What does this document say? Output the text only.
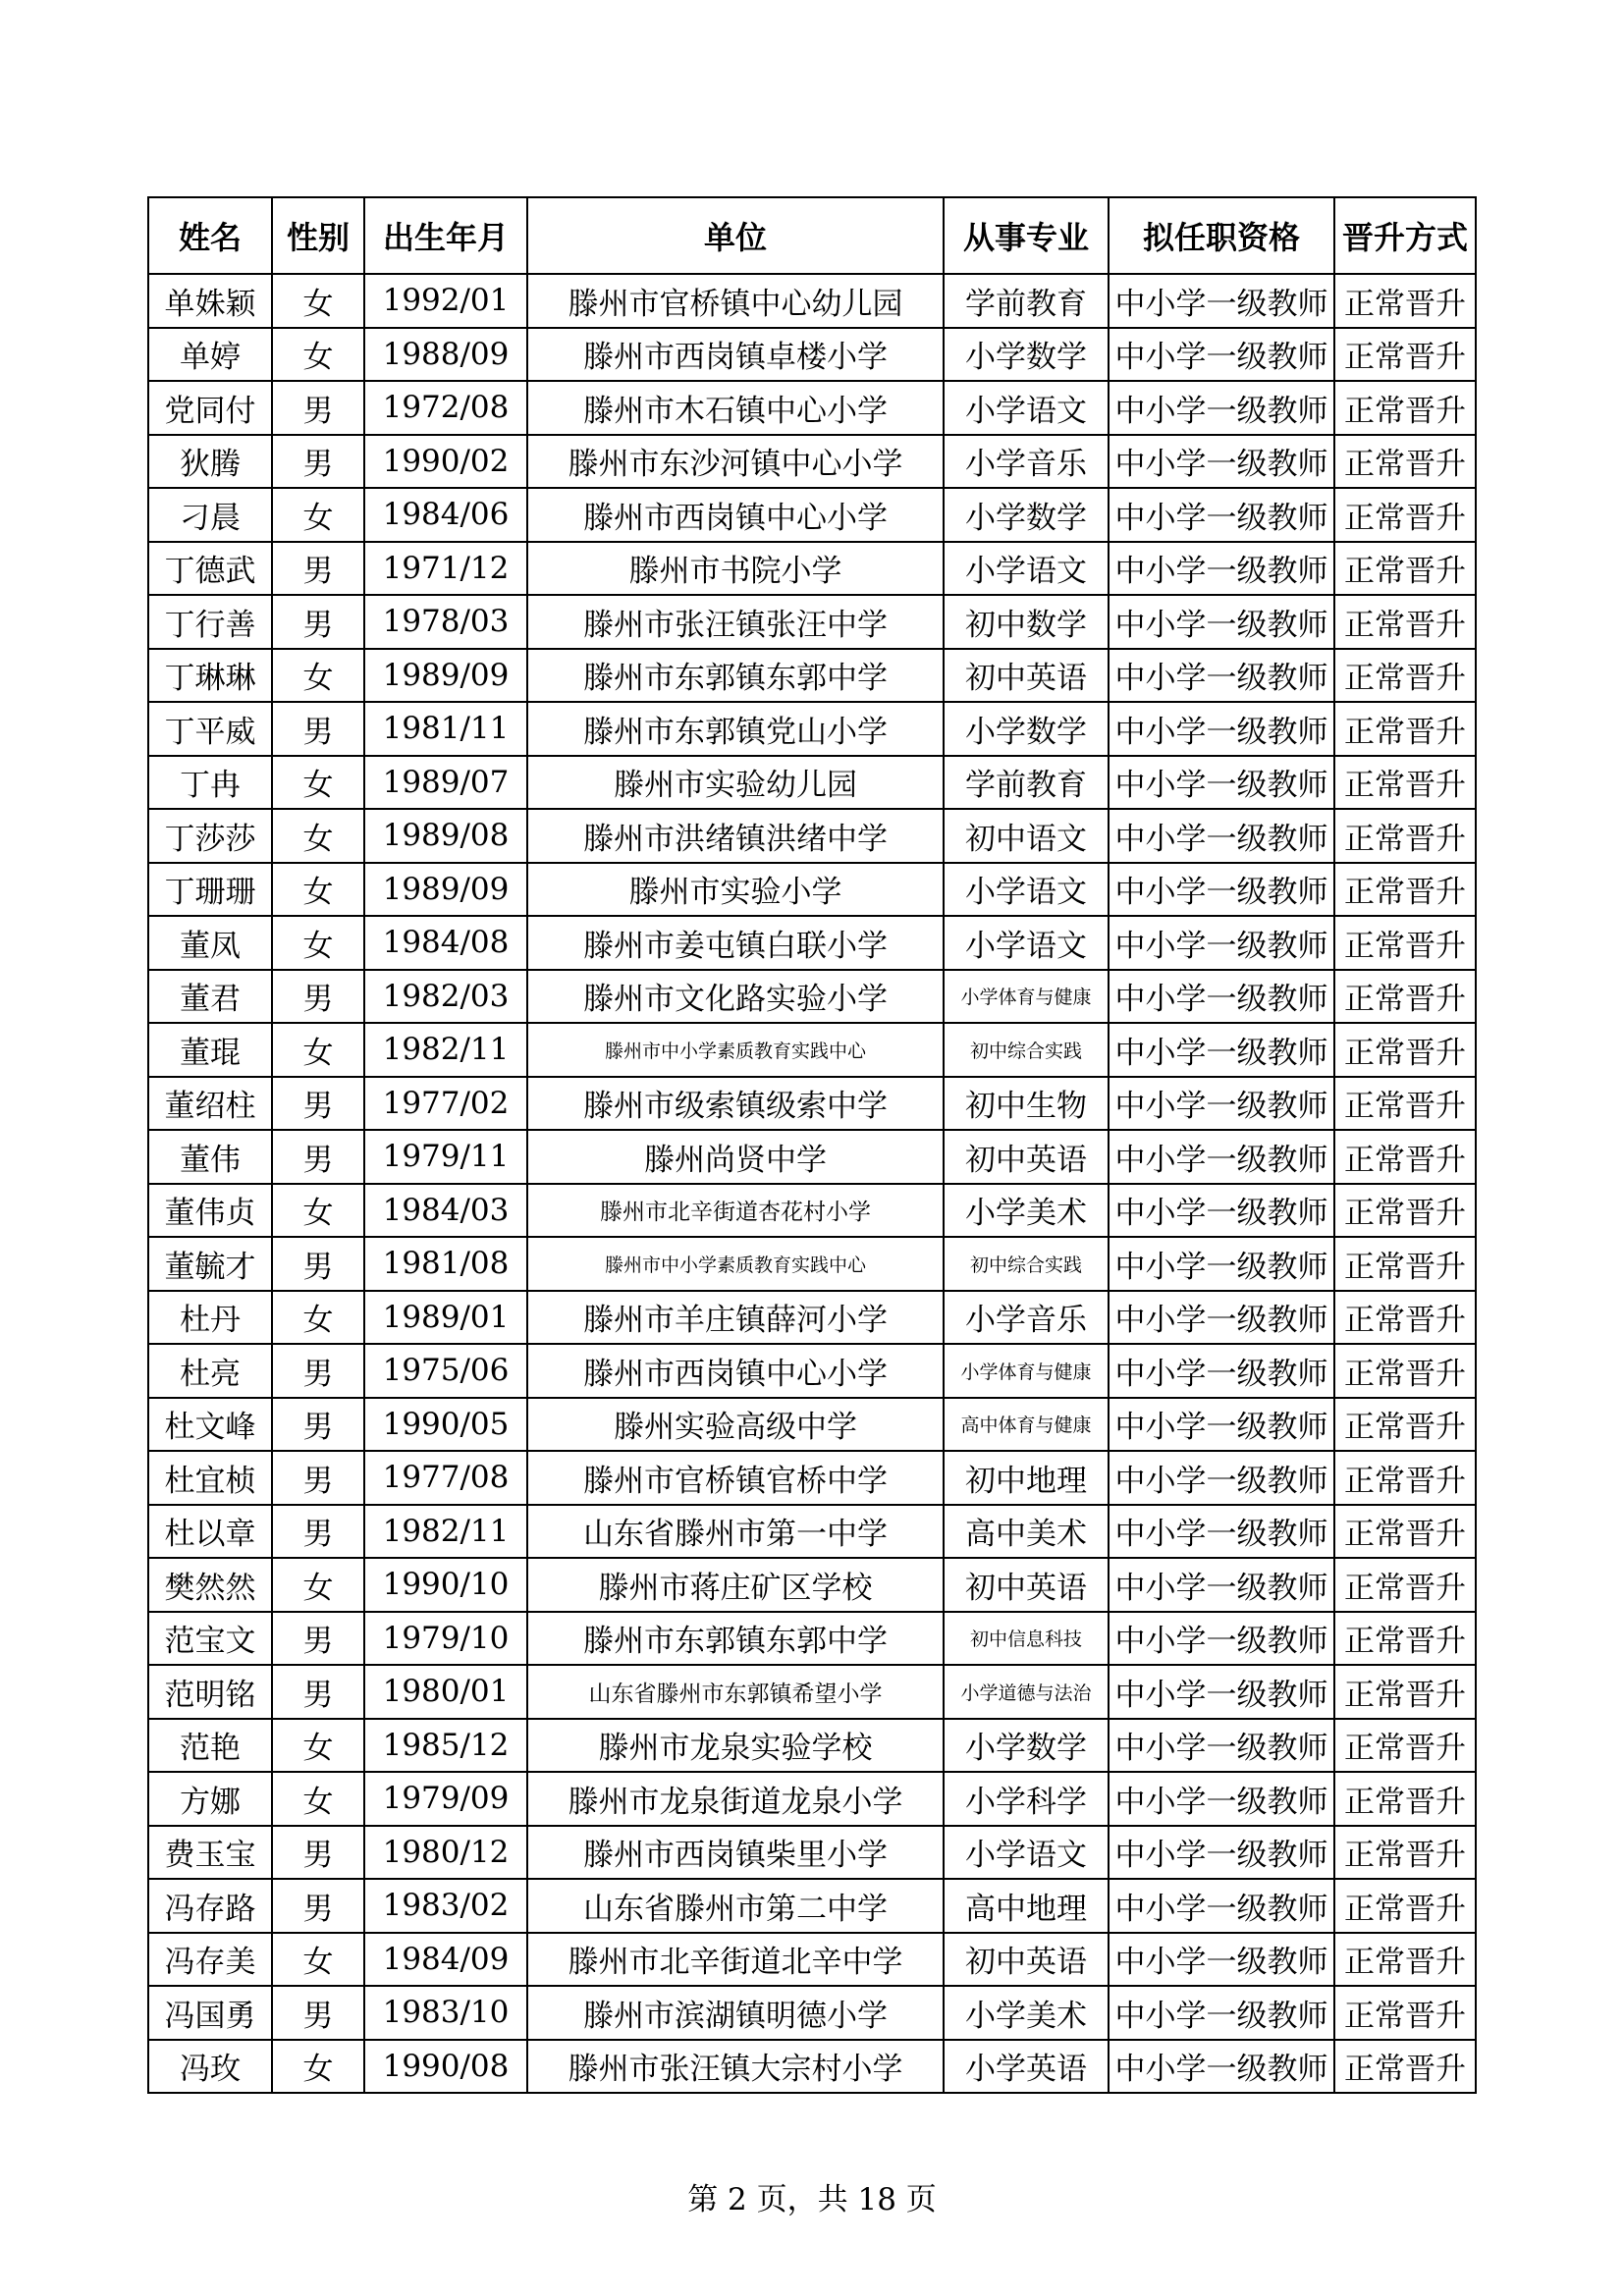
姓名	性别	出生年月	单位	从事专业	拟任职资格	晋升方式
单姝颖	女	1992/01	滕州市官桥镇中心幼儿园	学前教育	中小学一级教师	正常晋升
单婷	女	1988/09	滕州市西岗镇卓楼小学	小学数学	中小学一级教师	正常晋升
党同付	男	1972/08	滕州市木石镇中心小学	小学语文	中小学一级教师	正常晋升
狄腾	男	1990/02	滕州市东沙河镇中心小学	小学音乐	中小学一级教师	正常晋升
刁晨	女	1984/06	滕州市西岗镇中心小学	小学数学	中小学一级教师	正常晋升
丁德武	男	1971/12	滕州市书院小学	小学语文	中小学一级教师	正常晋升
丁行善	男	1978/03	滕州市张汪镇张汪中学	初中数学	中小学一级教师	正常晋升
丁琳琳	女	1989/09	滕州市东郭镇东郭中学	初中英语	中小学一级教师	正常晋升
丁平威	男	1981/11	滕州市东郭镇党山小学	小学数学	中小学一级教师	正常晋升
丁冉	女	1989/07	滕州市实验幼儿园	学前教育	中小学一级教师	正常晋升
丁莎莎	女	1989/08	滕州市洪绪镇洪绪中学	初中语文	中小学一级教师	正常晋升
丁珊珊	女	1989/09	滕州市实验小学	小学语文	中小学一级教师	正常晋升
董凤	女	1984/08	滕州市姜屯镇白联小学	小学语文	中小学一级教师	正常晋升
董君	男	1982/03	滕州市文化路实验小学	小学体育与健康	中小学一级教师	正常晋升
董琨	女	1982/11	滕州市中小学素质教育实践中心	初中综合实践	中小学一级教师	正常晋升
董绍柱	男	1977/02	滕州市级索镇级索中学	初中生物	中小学一级教师	正常晋升
董伟	男	1979/11	滕州尚贤中学	初中英语	中小学一级教师	正常晋升
董伟贞	女	1984/03	滕州市北辛街道杏花村小学	小学美术	中小学一级教师	正常晋升
董毓才	男	1981/08	滕州市中小学素质教育实践中心	初中综合实践	中小学一级教师	正常晋升
杜丹	女	1989/01	滕州市羊庄镇薛河小学	小学音乐	中小学一级教师	正常晋升
杜亮	男	1975/06	滕州市西岗镇中心小学	小学体育与健康	中小学一级教师	正常晋升
杜文峰	男	1990/05	滕州实验高级中学	高中体育与健康	中小学一级教师	正常晋升
杜宜桢	男	1977/08	滕州市官桥镇官桥中学	初中地理	中小学一级教师	正常晋升
杜以章	男	1982/11	山东省滕州市第一中学	高中美术	中小学一级教师	正常晋升
樊然然	女	1990/10	滕州市蒋庄矿区学校	初中英语	中小学一级教师	正常晋升
范宝文	男	1979/10	滕州市东郭镇东郭中学	初中信息科技	中小学一级教师	正常晋升
范明铭	男	1980/01	山东省滕州市东郭镇希望小学	小学道德与法治	中小学一级教师	正常晋升
范艳	女	1985/12	滕州市龙泉实验学校	小学数学	中小学一级教师	正常晋升
方娜	女	1979/09	滕州市龙泉街道龙泉小学	小学科学	中小学一级教师	正常晋升
费玉宝	男	1980/12	滕州市西岗镇柴里小学	小学语文	中小学一级教师	正常晋升
冯存路	男	1983/02	山东省滕州市第二中学	高中地理	中小学一级教师	正常晋升
冯存美	女	1984/09	滕州市北辛街道北辛中学	初中英语	中小学一级教师	正常晋升
冯国勇	男	1983/10	滕州市滨湖镇明德小学	小学美术	中小学一级教师	正常晋升
冯玫	女	1990/08	滕州市张汪镇大宗村小学	小学英语	中小学一级教师	正常晋升
第 2 页，共 18 页
